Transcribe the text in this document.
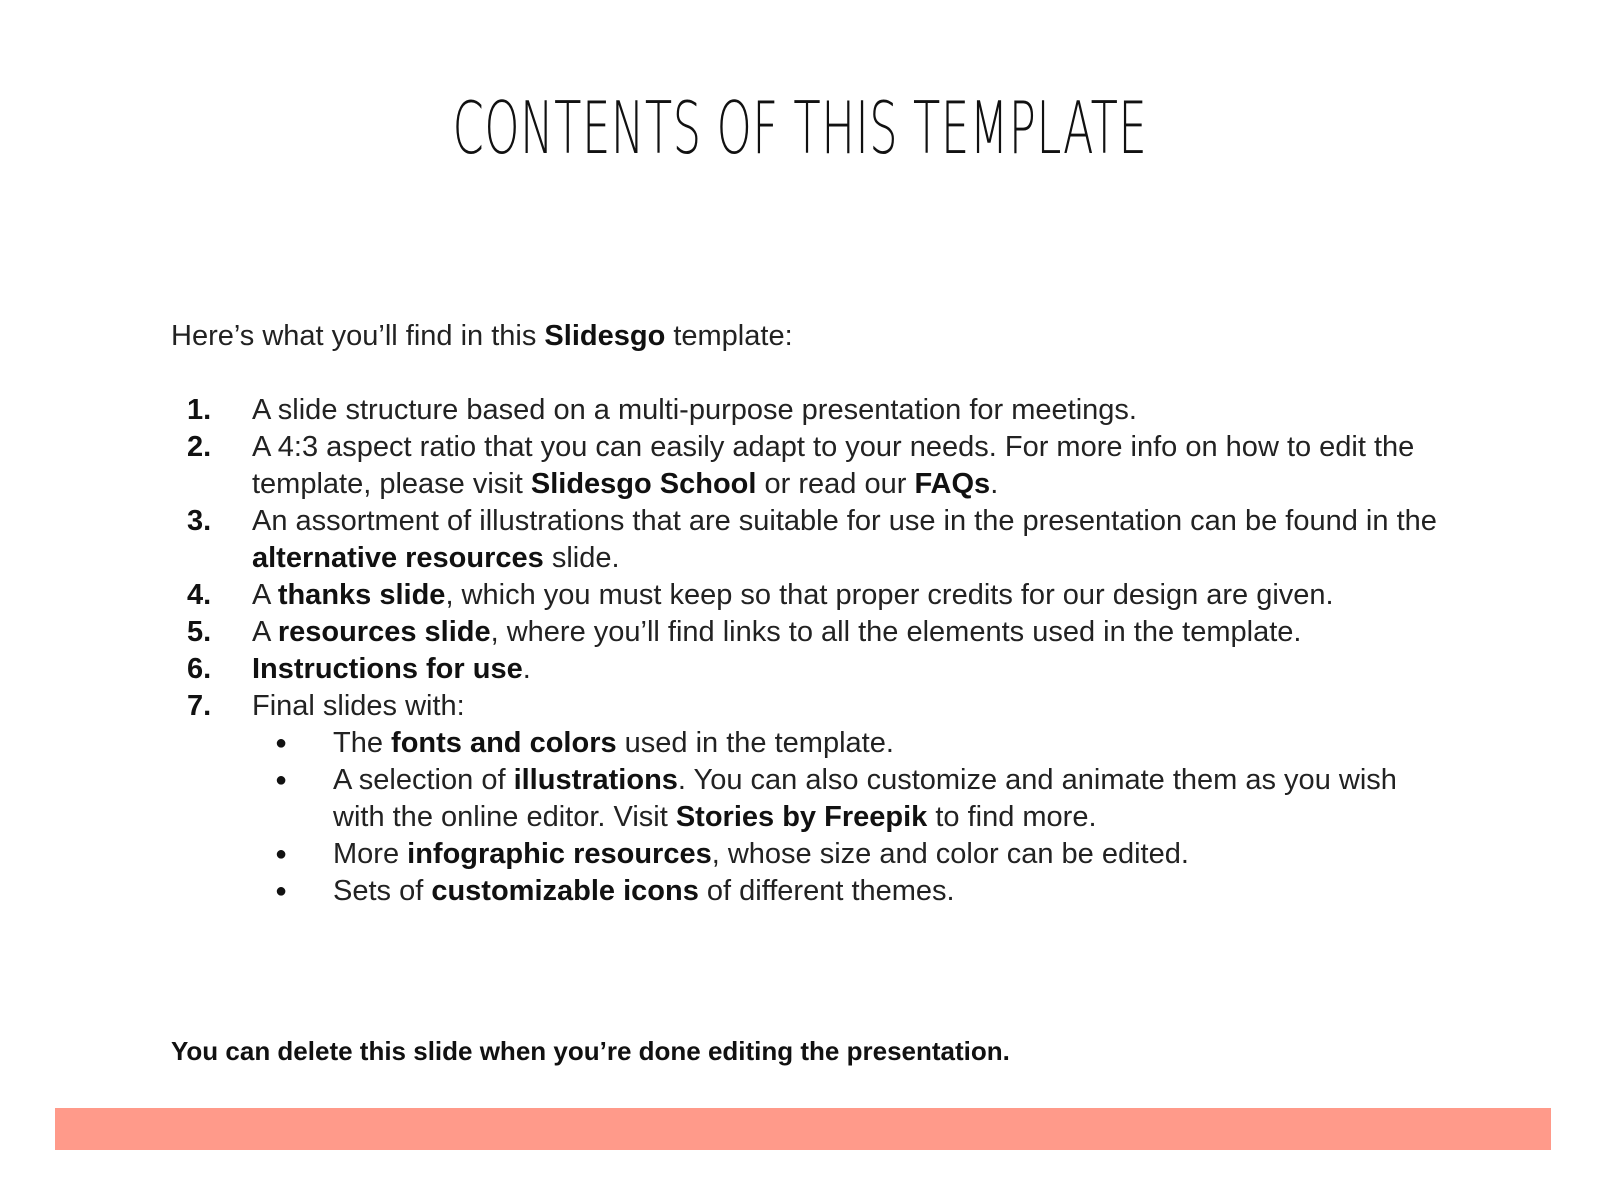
CONTENTS OF THIS TEMPLATE

Here’s what you’ll find in this Slidesgo template:

1. A slide structure based on a multi-purpose presentation for meetings.
2. A 4:3 aspect ratio that you can easily adapt to your needs. For more info on how to edit the template, please visit Slidesgo School or read our FAQs.
3. An assortment of illustrations that are suitable for use in the presentation can be found in the alternative resources slide.
4. A thanks slide, which you must keep so that proper credits for our design are given.
5. A resources slide, where you’ll find links to all the elements used in the template.
6. Instructions for use.
7. Final slides with:
● The fonts and colors used in the template.
● A selection of illustrations. You can also customize and animate them as you wish with the online editor. Visit Stories by Freepik to find more.
● More infographic resources, whose size and color can be edited.
● Sets of customizable icons of different themes.

You can delete this slide when you’re done editing the presentation.
